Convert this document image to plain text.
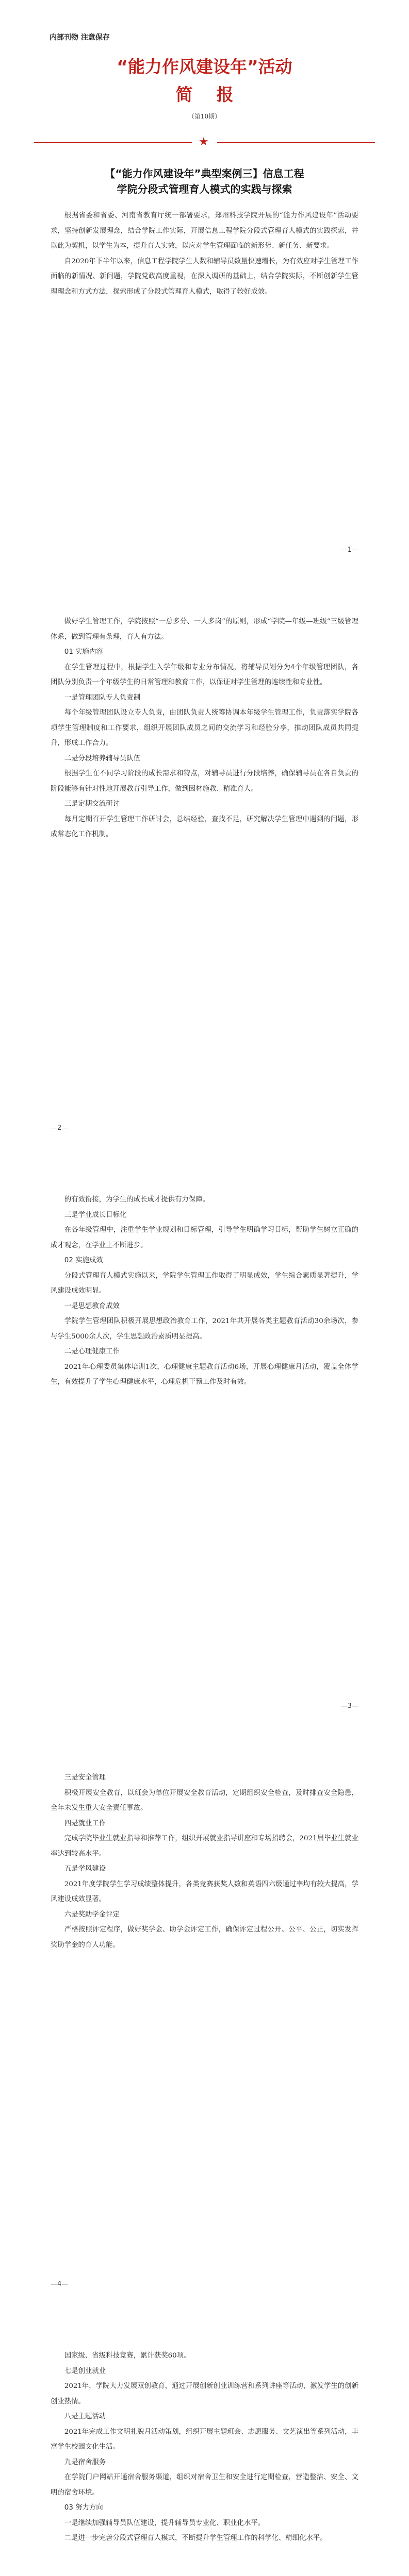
内部刊物 注意保存
“能力作风建设年”活动
简    报
（第10期）
★
【“能力作风建设年”典型案例三】信息工程
学院分段式管理育人模式的实践与探索

根据省委和省委、河南省教育厅统一部署要求，郑州科技学院开展的“能力作风建设年”活动要求，坚持创新发展理念，结合学院工作实际，开展信息工程学院分段式管理育人模式的实践探索，并以此为契机，以学生为本，提升育人实效，以应对学生管理面临的新形势、新任务、新要求。

自2020年下半年以来，信息工程学院学生人数和辅导员数量快速增长，为有效应对学生管理工作面临的新情况、新问题，学院党政高度重视，在深入调研的基础上，结合学院实际，不断创新学生管理理念和方式方法，探索形成了分段式管理育人模式，取得了较好成效。

—1—

做好学生管理工作，学院按照“一总多分、一人多岗”的原则，形成“学院—年级—班级”三级管理体系，做到管理有条理，育人有方法。

01 实施内容

在学生管理过程中，根据学生入学年级和专业分布情况，将辅导员划分为4个年级管理团队，各团队分别负责一个年级学生的日常管理和教育工作，以保证对学生管理的连续性和专业性。

一是管理团队专人负责制

每个年级管理团队设立专人负责，由团队负责人统筹协调本年级学生管理工作，负责落实学院各项学生管理制度和工作要求，组织开展团队成员之间的交流学习和经验分享，推动团队成员共同提升，形成工作合力。

二是分段培养辅导员队伍

根据学生在不同学习阶段的成长需求和特点，对辅导员进行分段培养，确保辅导员在各自负责的阶段能够有针对性地开展教育引导工作，做到因材施教、精准育人。

三是定期交流研讨

每月定期召开学生管理工作研讨会，总结经验，查找不足，研究解决学生管理中遇到的问题，形成常态化工作机制。

—2—

的有效衔接，为学生的成长成才提供有力保障。

三是学业成长目标化

在各年级管理中，注重学生学业规划和目标管理，引导学生明确学习目标，帮助学生树立正确的成才观念，在学业上不断进步。

02 实施成效

分段式管理育人模式实施以来，学院学生管理工作取得了明显成效，学生综合素质显著提升，学风建设成效明显。

一是思想教育成效

学院学生管理团队积极开展思想政治教育工作，2021年共开展各类主题教育活动30余场次，参与学生5000余人次，学生思想政治素质明显提高。

二是心理健康工作

2021年心理委员集体培训1次，心理健康主题教育活动6场，开展心理健康月活动，覆盖全体学生，有效提升了学生心理健康水平，心理危机干预工作及时有效。

—3—

三是安全管理

积极开展安全教育，以班会为单位开展安全教育活动，定期组织安全检查，及时排查安全隐患，全年未发生重大安全责任事故。

四是就业工作

完成学院毕业生就业指导和推荐工作，组织开展就业指导讲座和专场招聘会，2021届毕业生就业率达到较高水平。

五是学风建设

2021年度学院学生学习成绩整体提升，各类竞赛获奖人数和英语四六级通过率均有较大提高，学风建设成效显著。

六是奖助学金评定

严格按照评定程序，做好奖学金、助学金评定工作，确保评定过程公开、公平、公正，切实发挥奖助学金的育人功能。

—4—

国家级、省级科技竞赛，累计获奖60项。

七是创业就业

2021年，学院大力发展双创教育，通过开展创新创业训练营和系列讲座等活动，激发学生的创新创业热情。

八是主题活动

2021年完成工作文明礼貌月活动策划，组织开展主题班会、志愿服务、文艺演出等系列活动，丰富学生校园文化生活。

九是宿舍服务

在学院门户网站开通宿舍服务渠道，组织对宿舍卫生和安全进行定期检查，营造整洁、安全、文明的宿舍环境。

03 努力方向

一是继续加强辅导员队伍建设，提升辅导员专业化、职业化水平。

二是进一步完善分段式管理育人模式，不断提升学生管理工作的科学化、精细化水平。
